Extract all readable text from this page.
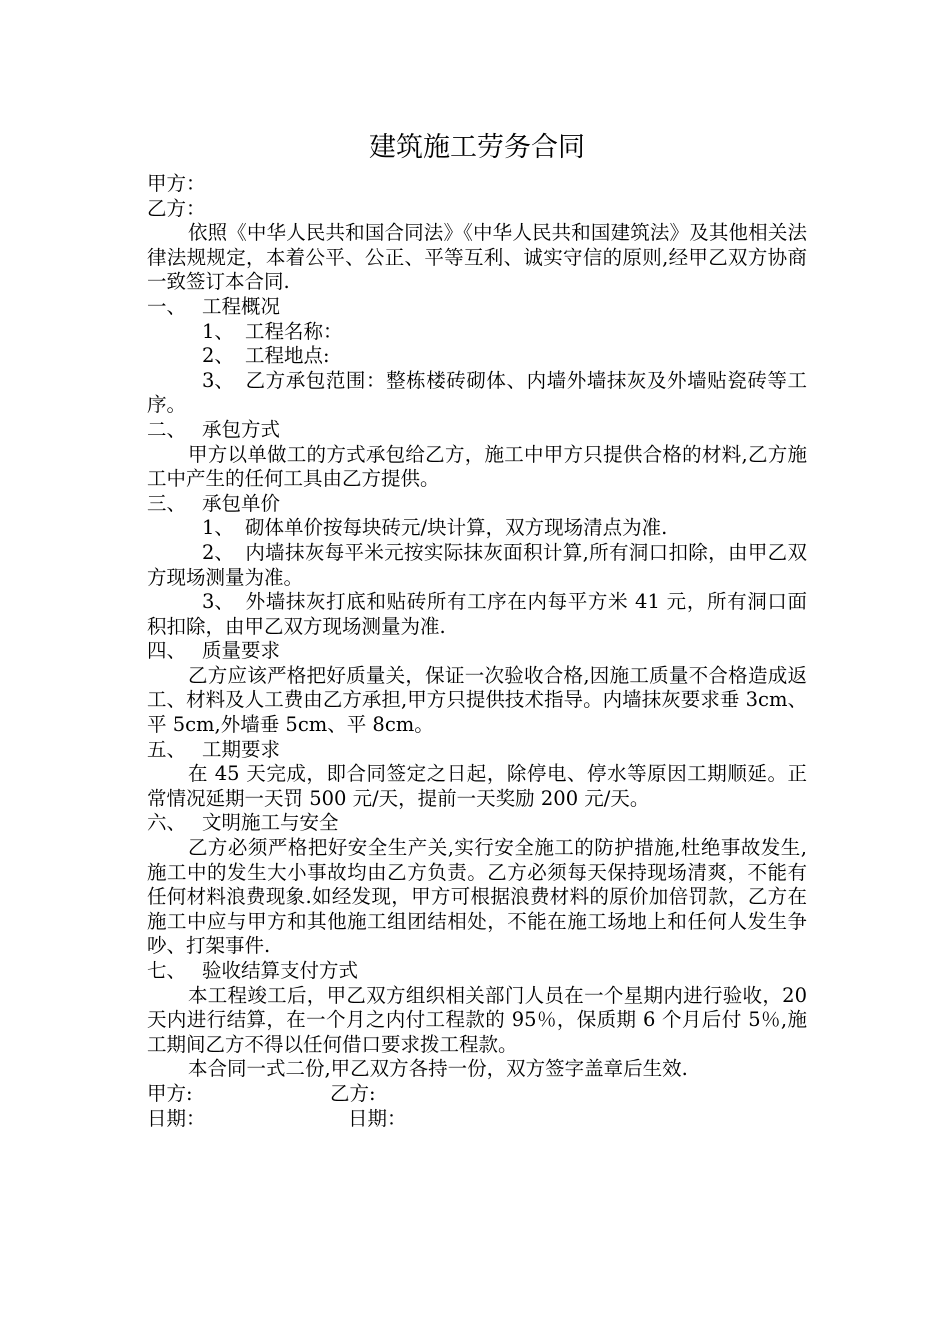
建筑施工劳务合同
甲方：
乙方：

依照《中华人民共和国合同法》《中华人民共和国建筑法》及其他相关法律法规规定，本着公平、公正、平等互利、诚实守信的原则,经甲乙双方协商一致签订本合同.

一、 工程概况

1、 工程名称：

2、 工程地点:

3、 乙方承包范围：整栋楼砖砌体、内墙外墙抹灰及外墙贴瓷砖等工序。

二、 承包方式

甲方以单做工的方式承包给乙方，施工中甲方只提供合格的材料,乙方施工中产生的任何工具由乙方提供。

三、 承包单价

1、 砌体单价按每块砖元/块计算，双方现场清点为准.

2、 内墙抹灰每平米元按实际抹灰面积计算,所有洞口扣除，由甲乙双方现场测量为准。

3、 外墙抹灰打底和贴砖所有工序在内每平方米 41 元，所有洞口面积扣除，由甲乙双方现场测量为准.

四、 质量要求

乙方应该严格把好质量关，保证一次验收合格,因施工质量不合格造成返工、材料及人工费由乙方承担,甲方只提供技术指导。内墙抹灰要求垂 3cm、平 5cm,外墙垂 5cm、平 8cm。

五、 工期要求

在 45 天完成，即合同签定之日起，除停电、停水等原因工期顺延。正常情况延期一天罚 500 元/天，提前一天奖励 200 元/天。

六、 文明施工与安全

乙方必须严格把好安全生产关,实行安全施工的防护措施,杜绝事故发生,施工中的发生大小事故均由乙方负责。乙方必须每天保持现场清爽，不能有任何材料浪费现象.如经发现，甲方可根据浪费材料的原价加倍罚款，乙方在施工中应与甲方和其他施工组团结相处，不能在施工场地上和任何人发生争吵、打架事件.

七、 验收结算支付方式

本工程竣工后，甲乙双方组织相关部门人员在一个星期内进行验收，20 天内进行结算，在一个月之内付工程款的 95％，保质期 6 个月后付 5％,施工期间乙方不得以任何借口要求拨工程款。

本合同一式二份,甲乙双方各持一份，双方签字盖章后生效.

甲方:	乙方:
日期：	日期：
